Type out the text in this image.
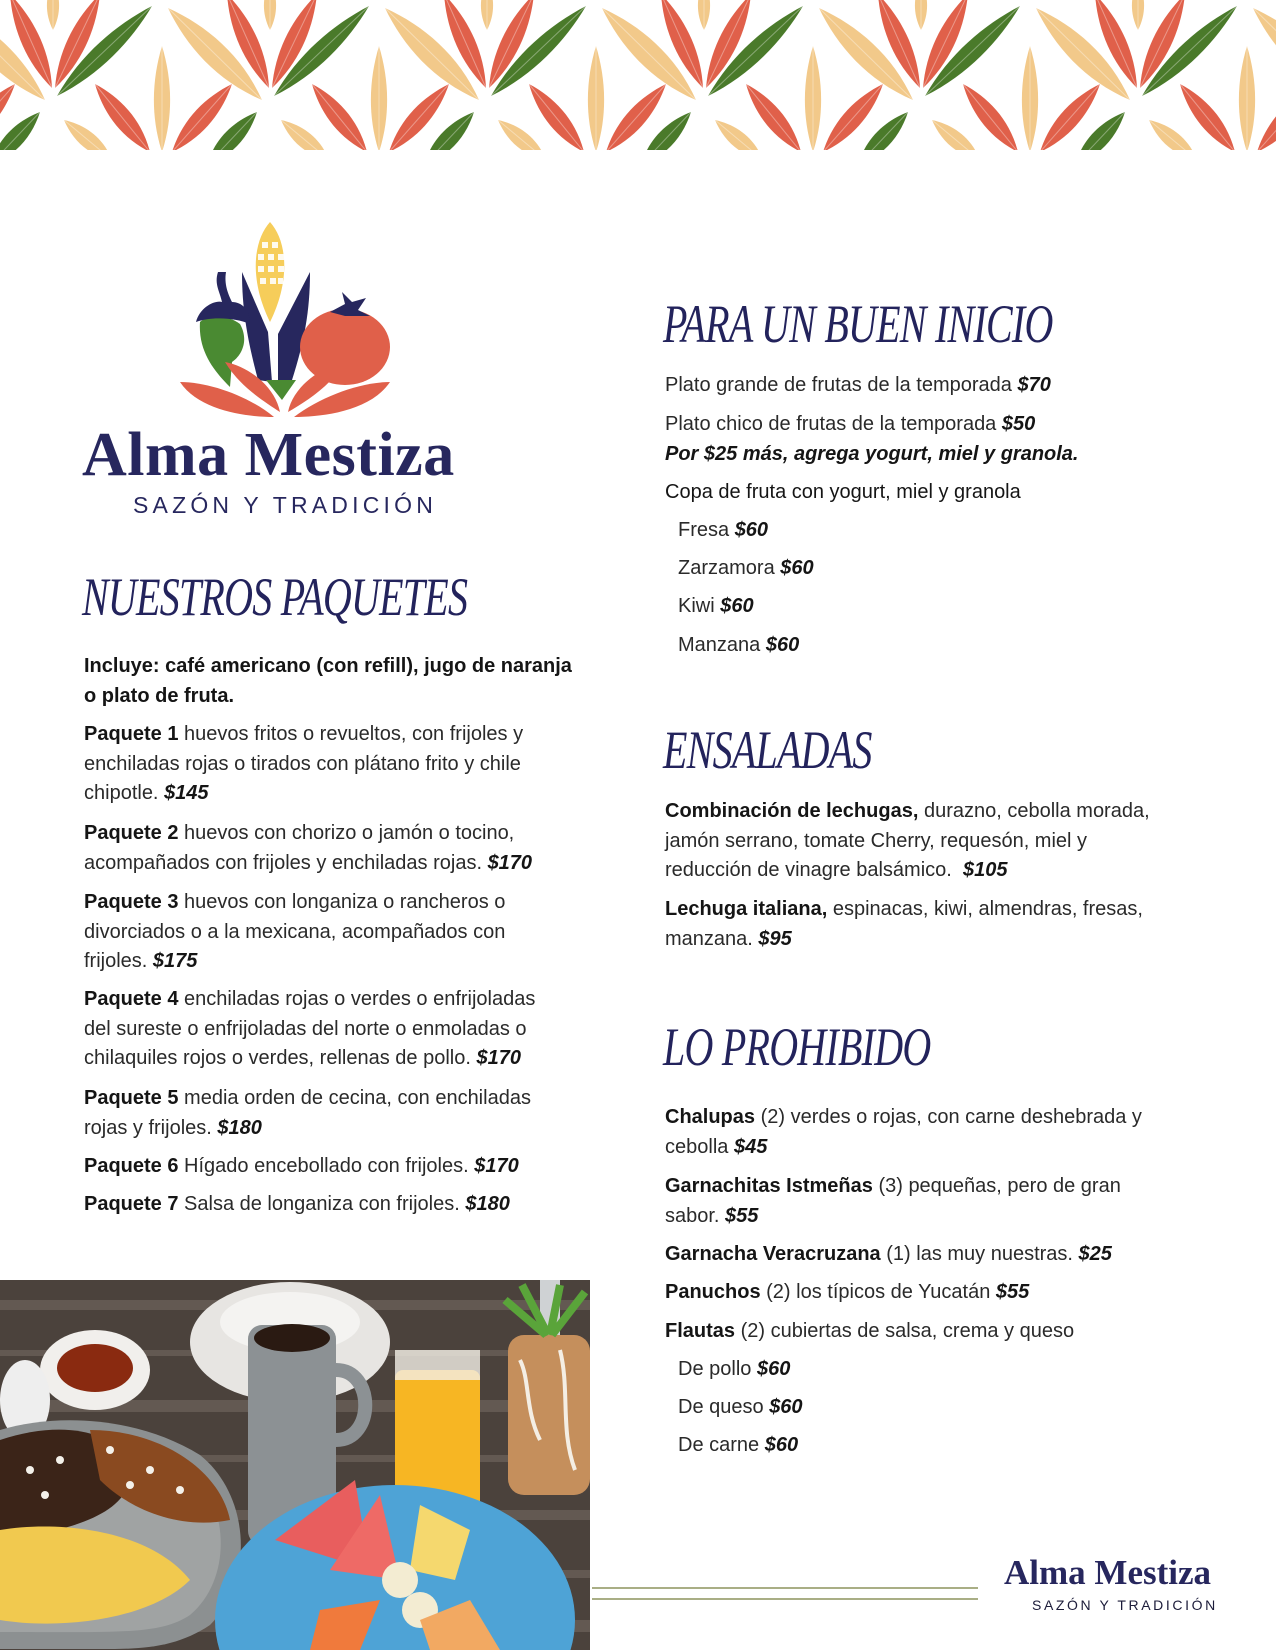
Alma Mestiza
SAZÓN Y TRADICIÓN
NUESTROS PAQUETES
Incluye: café americano (con refill), jugo de naranja
o plato de fruta.
Paquete 1 huevos fritos o revueltos, con frijoles y
enchiladas rojas o tirados con plátano frito y chile
chipotle. $145
Paquete 2 huevos con chorizo o jamón o tocino,
acompañados con frijoles y enchiladas rojas. $170
Paquete 3 huevos con longaniza o rancheros o
divorciados o a la mexicana, acompañados con
frijoles. $175
Paquete 4 enchiladas rojas o verdes o enfrijoladas
del sureste o enfrijoladas del norte o enmoladas o
chilaquiles rojos o verdes, rellenas de pollo. $170
Paquete 5 media orden de cecina, con enchiladas
rojas y frijoles. $180
Paquete 6 Hígado encebollado con frijoles. $170
Paquete 7 Salsa de longaniza con frijoles. $180
PARA UN BUEN INICIO
Plato grande de frutas de la temporada $70
Plato chico de frutas de la temporada $50
Por $25 más, agrega yogurt, miel y granola.
Copa de fruta con yogurt, miel y granola
Fresa $60
Zarzamora $60
Kiwi $60
Manzana $60
ENSALADAS
Combinación de lechugas, durazno, cebolla morada,
jamón serrano, tomate Cherry, requesón, miel y
reducción de vinagre balsámico.  $105
Lechuga italiana, espinacas, kiwi, almendras, fresas,
manzana. $95
LO PROHIBIDO
Chalupas (2) verdes o rojas, con carne deshebrada y
cebolla $45
Garnachitas Istmeñas (3) pequeñas, pero de gran
sabor. $55
Garnacha Veracruzana (1) las muy nuestras. $25
Panuchos (2) los típicos de Yucatán $55
Flautas (2) cubiertas de salsa, crema y queso
De pollo $60
De queso $60
De carne $60
Alma Mestiza
SAZÓN Y TRADICIÓN
